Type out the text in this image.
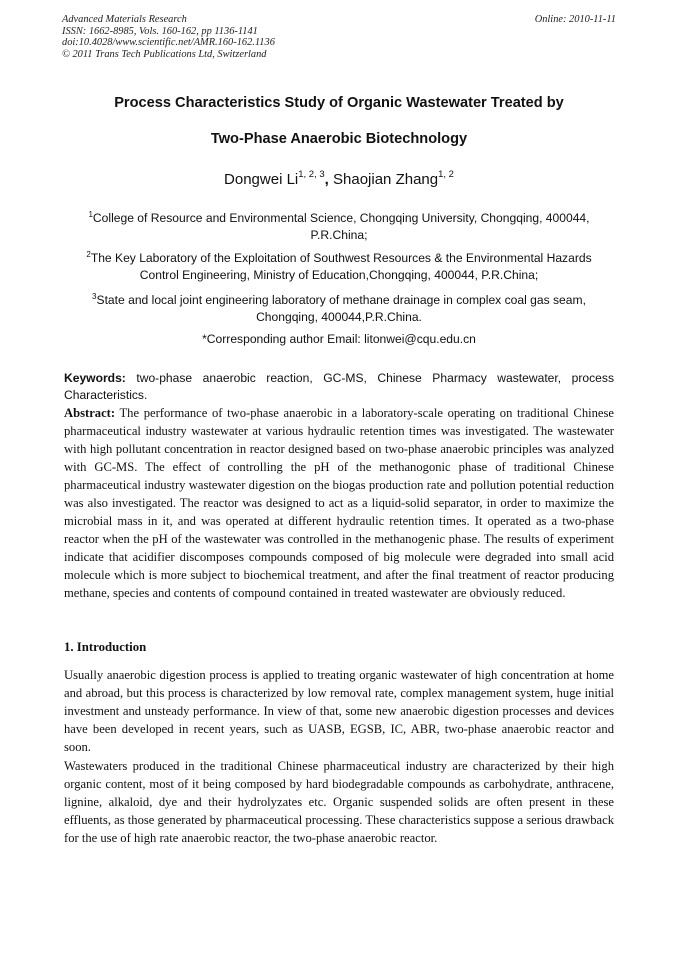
Advanced Materials Research
ISSN: 1662-8985, Vols. 160-162, pp 1136-1141
doi:10.4028/www.scientific.net/AMR.160-162.1136
© 2011 Trans Tech Publications Ltd, Switzerland
Online: 2010-11-11
Process Characteristics Study of Organic Wastewater Treated by
Two-Phase Anaerobic Biotechnology
Dongwei Li$^{1, 2, 3}$, Shaojian Zhang$^{1, 2}$
$^1$College of Resource and Environmental Science, Chongqing University, Chongqing, 400044, P.R.China;
$^2$The Key Laboratory of the Exploitation of Southwest Resources & the Environmental Hazards Control Engineering, Ministry of Education,Chongqing, 400044, P.R.China;
$^3$State and local joint engineering laboratory of methane drainage in complex coal gas seam, Chongqing, 400044,P.R.China.
*Corresponding author Email: litonwei@cqu.edu.cn
Keywords: two-phase anaerobic reaction, GC-MS, Chinese Pharmacy wastewater, process Characteristics.
Abstract: The performance of two-phase anaerobic in a laboratory-scale operating on traditional Chinese pharmaceutical industry wastewater at various hydraulic retention times was investigated. The wastewater with high pollutant concentration in reactor designed based on two-phase anaerobic principles was analyzed with GC-MS. The effect of controlling the pH of the methanogonic phase of traditional Chinese pharmaceutical industry wastewater digestion on the biogas production rate and pollution potential reduction was also investigated. The reactor was designed to act as a liquid-solid separator, in order to maximize the microbial mass in it, and was operated at different hydraulic retention times. It operated as a two-phase reactor when the pH of the wastewater was controlled in the methanogenic phase. The results of experiment indicate that acidifier discomposes compounds composed of big molecule were degraded into small acid molecule which is more subject to biochemical treatment, and after the final treatment of reactor producing methane, species and contents of compound contained in treated wastewater are obviously reduced.
1. Introduction
Usually anaerobic digestion process is applied to treating organic wastewater of high concentration at home and abroad, but this process is characterized by low removal rate, complex management system, huge initial investment and unsteady performance. In view of that, some new anaerobic digestion processes and devices have been developed in recent years, such as UASB, EGSB, IC, ABR, two-phase anaerobic reactor and soon.
Wastewaters produced in the traditional Chinese pharmaceutical industry are characterized by their high organic content, most of it being composed by hard biodegradable compounds as carbohydrate, anthracene, lignine, alkaloid, dye and their hydrolyzates etc. Organic suspended solids are often present in these effluents, as those generated by pharmaceutical processing. These characteristics suppose a serious drawback for the use of high rate anaerobic reactor, the two-phase anaerobic reactor.
